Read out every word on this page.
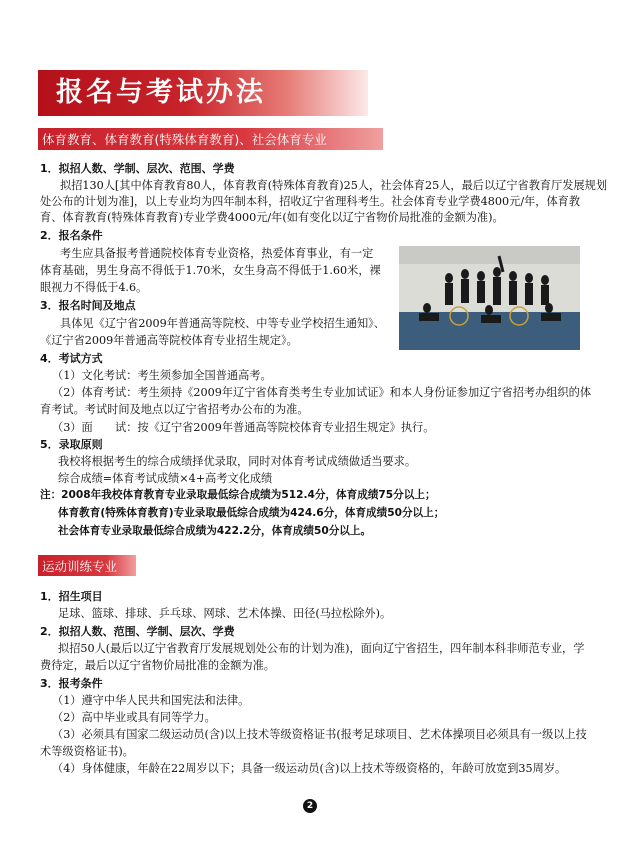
报名与考试办法
体育教育、体育教育(特殊体育教育)、社会体育专业
1．拟招人数、学制、层次、范围、学费
拟招130人[其中体育教育80人，体育教育(特殊体育教育)25人，社会体育25人，最后以辽宁省教育厅发展规划
处公布的计划为准]，以上专业均为四年制本科，招收辽宁省理科考生。社会体育专业学费4800元/年，体育教
育、体育教育(特殊体育教育)专业学费4000元/年(如有变化以辽宁省物价局批准的金额为准)。
2．报名条件
考生应具备报考普通院校体育专业资格，热爱体育事业，有一定
体育基础，男生身高不得低于1.70米，女生身高不得低于1.60米，裸
眼视力不得低于4.6。
3．报名时间及地点
具体见《辽宁省2009年普通高等院校、中等专业学校招生通知》、
《辽宁省2009年普通高等院校体育专业招生规定》。
4．考试方式
（1）文化考试：考生须参加全国普通高考。
（2）体育考试：考生须持《2009年辽宁省体育类考生专业加试证》和本人身份证参加辽宁省招考办组织的体
育考试。考试时间及地点以辽宁省招考办公布的为准。
（3）面　　试：按《辽宁省2009年普通高等院校体育专业招生规定》执行。
5．录取原则
我校将根据考生的综合成绩择优录取，同时对体育考试成绩做适当要求。
综合成绩=体育考试成绩×4+高考文化成绩
注：2008年我校体育教育专业录取最低综合成绩为512.4分，体育成绩75分以上；
体育教育(特殊体育教育)专业录取最低综合成绩为424.6分，体育成绩50分以上；
社会体育专业录取最低综合成绩为422.2分，体育成绩50分以上。
运动训练专业
1．招生项目
足球、篮球、排球、乒乓球、网球、艺术体操、田径(马拉松除外)。
2．拟招人数、范围、学制、层次、学费
拟招50人(最后以辽宁省教育厅发展规划处公布的计划为准)，面向辽宁省招生，四年制本科非师范专业，学
费待定，最后以辽宁省物价局批准的金额为准。
3．报考条件
（1）遵守中华人民共和国宪法和法律。
（2）高中毕业或具有同等学力。
（3）必须具有国家二级运动员(含)以上技术等级资格证书(报考足球项目、艺术体操项目必须具有一级以上技
术等级资格证书)。
（4）身体健康，年龄在22周岁以下；具备一级运动员(含)以上技术等级资格的，年龄可放宽到35周岁。
2
